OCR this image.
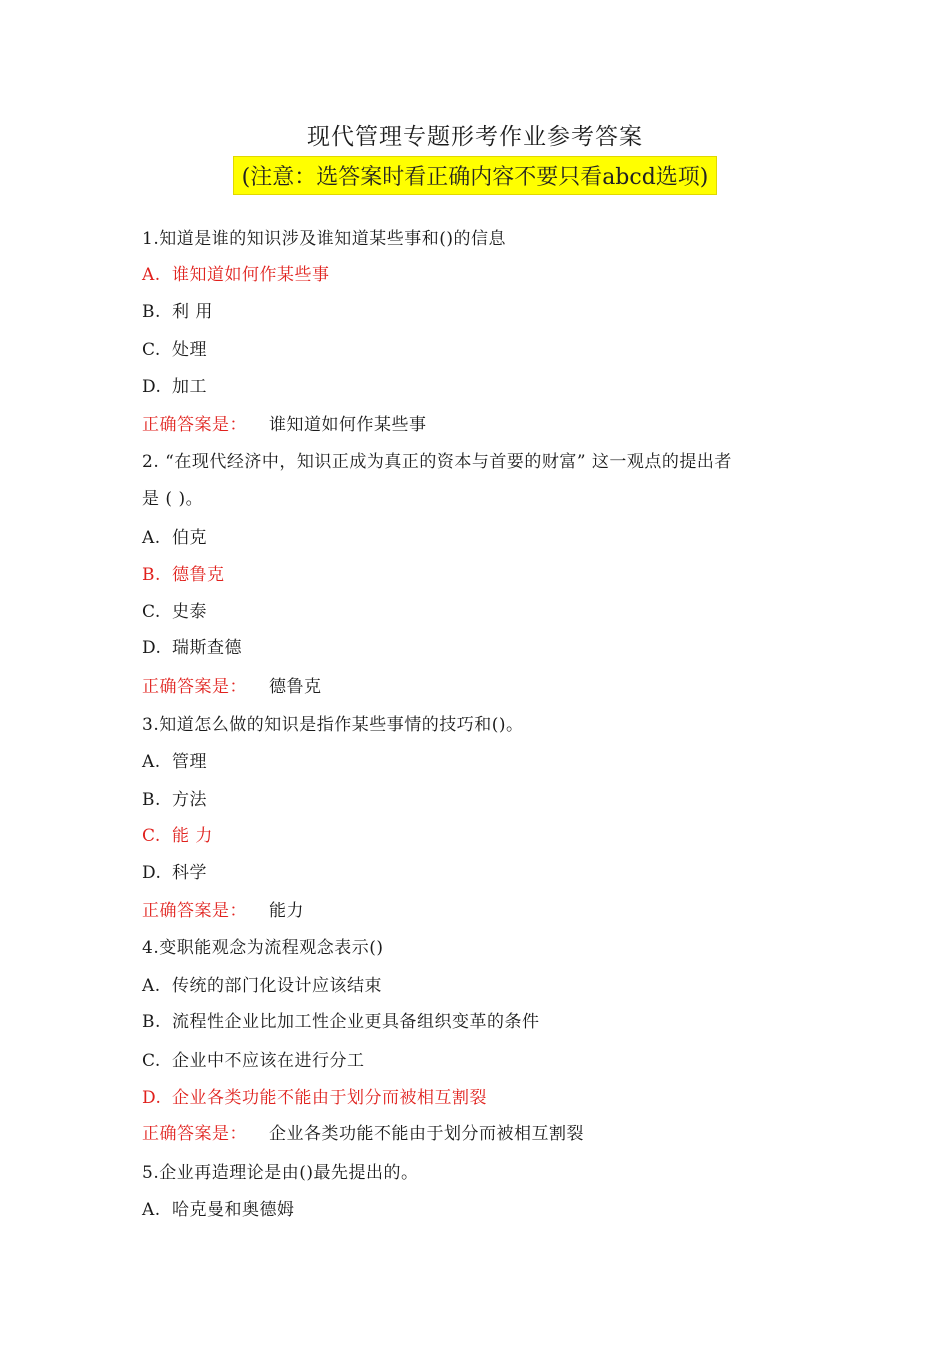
现代管理专题形考作业参考答案
(注意：选答案时看正确内容不要只看abcd选项)
1.知道是谁的知识涉及谁知道某些事和()的信息
A. 谁知道如何作某些事
B. 利 用
C. 处理
D. 加工
正确答案是： 谁知道如何作某些事
2. “在现代经济中，知识正成为真正的资本与首要的财富” 这一观点的提出者
是 ( )。
A. 伯克
B. 德鲁克
C. 史泰
D. 瑞斯查德
正确答案是： 德鲁克
3.知道怎么做的知识是指作某些事情的技巧和()。
A. 管理
B. 方法
C. 能 力
D. 科学
正确答案是： 能力
4.变职能观念为流程观念表示()
A. 传统的部门化设计应该结束
B. 流程性企业比加工性企业更具备组织变革的条件
C. 企业中不应该在进行分工
D. 企业各类功能不能由于划分而被相互割裂
正确答案是： 企业各类功能不能由于划分而被相互割裂
5.企业再造理论是由()最先提出的。
A. 哈克曼和奥德姆
